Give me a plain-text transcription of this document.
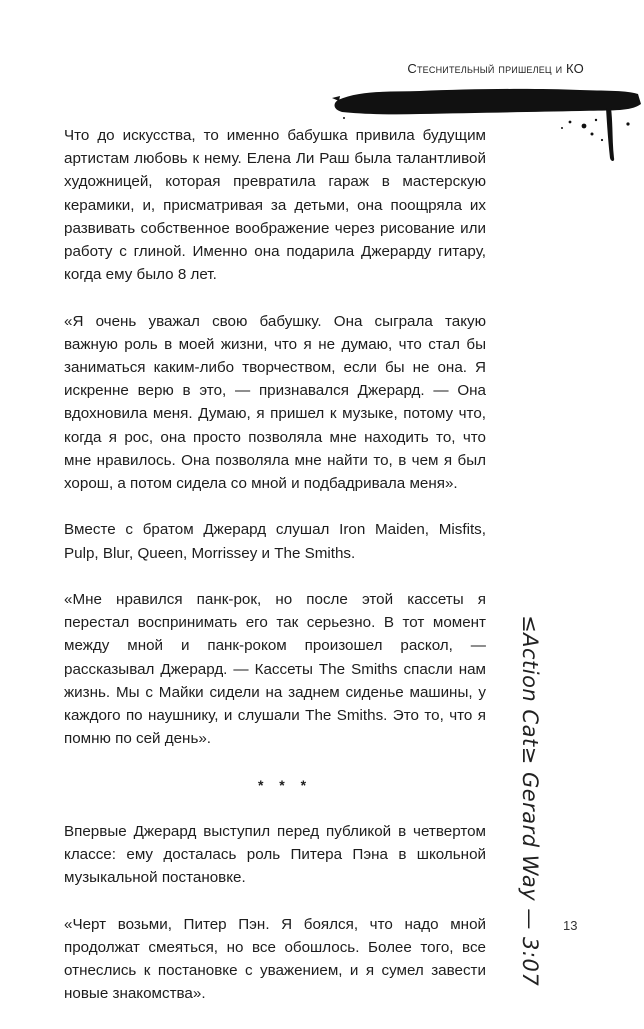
Стеснительный пришелец и КО

Что до искусства, то именно бабушка привила будущим артистам любовь к нему. Елена Ли Раш была талантливой художницей, которая превратила гараж в мастерскую керамики, и, присматривая за детьми, она поощряла их развивать собственное воображение через рисование или работу с глиной. Именно она подарила Джерарду гитару, когда ему было 8 лет.

«Я очень уважал свою бабушку. Она сыграла такую важную роль в моей жизни, что я не думаю, что стал бы заниматься каким-либо творчеством, если бы не она. Я искренне верю в это, — признавался Джерард. — Она вдохновила меня. Думаю, я пришел к музыке, потому что, когда я рос, она просто позволяла мне находить то, что мне нравилось. Она позволяла мне найти то, в чем я был хорош, а потом сидела со мной и подбадривала меня».

Вместе с братом Джерард слушал Iron Maiden, Misfits, Pulp, Blur, Queen, Morrissey и The Smiths.

«Мне нравился панк-рок, но после этой кассеты я перестал воспринимать его так серьезно. В тот момент между мной и панк-роком произошел раскол, — рассказывал Джерард. — Кассеты The Smiths спасли нам жизнь. Мы с Майки сидели на заднем сиденье машины, у каждого по наушнику, и слушали The Smiths. Это то, что я помню по сей день».

* * *

Впервые Джерард выступил перед публикой в четвертом классе: ему досталась роль Питера Пэна в школьной музыкальной постановке.

«Черт возьми, Питер Пэн. Я боялся, что надо мной продолжат смеяться, но все обошлось. Более того, все отнеслись к постановке с уважением, и я сумел завести новые знакомства».

≤Action Cat≥ Gerard Way — 3:07 13
